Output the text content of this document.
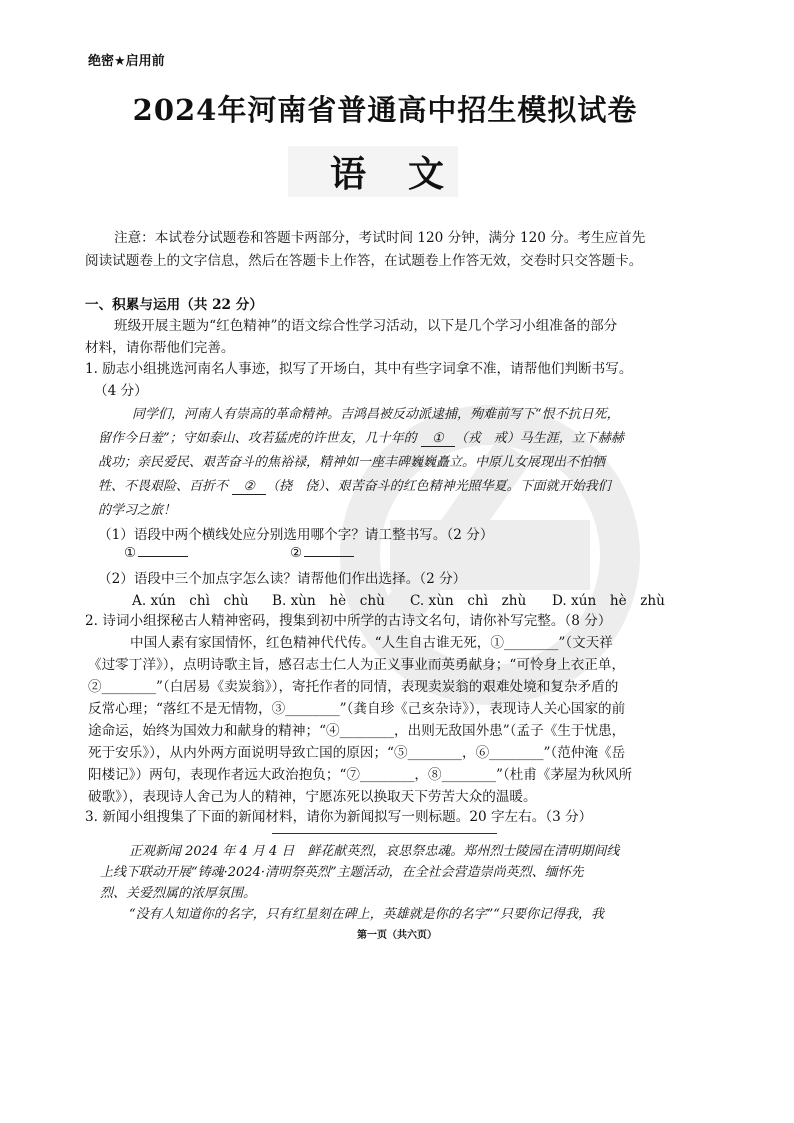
绝密★启用前
2024年河南省普通高中招生模拟试卷
语文
注意：本试卷分试题卷和答题卡两部分，考试时间 120 分钟，满分 120 分。考生应首先
阅读试题卷上的文字信息，然后在答题卡上作答，在试题卷上作答无效，交卷时只交答题卡。
一、积累与运用（共 22 分）
班级开展主题为“红色精神”的语文综合性学习活动，以下是几个学习小组准备的部分
材料，请你帮他们完善。
1. 励志小组挑选河南名人事迹，拟写了开场白，其中有些字词拿不准，请帮他们判断书写。
（4 分）
同学们，河南人有崇高的革命精神。吉鸿昌被反动派逮捕，殉难前写下“恨不抗日死，
留作今日羞”；守如泰山、攻若猛虎的许世友，几十年的 ① （戎　戒）马生涯，立下赫赫
战功；亲民爱民、艰苦奋斗的焦裕禄，精神如一座丰碑巍巍矗立。中原儿女展现出不怕牺
牲、不畏艰险、百折不 ② （挠　侥）、艰苦奋斗的红色精神光照华夏。下面就开始我们
的学习之旅！
（1）语段中两个横线处应分别选用哪个字？请工整书写。（2 分）
①	②
（2）语段中三个加点字怎么读？请帮他们作出选择。（2 分）
A. xún　chì　chù B. xùn　hè　chù C. xùn　chì　zhù D. xún　hè　zhù
2. 诗词小组探秘古人精神密码，搜集到初中所学的古诗文名句，请你补写完整。（8 分）
中国人素有家国情怀，红色精神代代传。“人生自古谁无死，①________”（文天祥
《过零丁洋》），点明诗歌主旨，感召志士仁人为正义事业而英勇献身；“可怜身上衣正单，
②________”（白居易《卖炭翁》），寄托作者的同情，表现卖炭翁的艰难处境和复杂矛盾的
反常心理；“落红不是无情物，③________”（龚自珍《己亥杂诗》），表现诗人关心国家的前
途命运，始终为国效力和献身的精神；“④________，出则无敌国外患”（孟子《生于忧患，
死于安乐》），从内外两方面说明导致亡国的原因；“⑤________，⑥________”（范仲淹《岳
阳楼记》）两句，表现作者远大政治抱负；“⑦________，⑧________”（杜甫《茅屋为秋风所
破歌》），表现诗人舍己为人的精神，宁愿冻死以换取天下劳苦大众的温暖。
3. 新闻小组搜集了下面的新闻材料，请你为新闻拟写一则标题。20 字左右。（3 分）
正观新闻 2024 年 4 月 4 日　鲜花献英烈，哀思祭忠魂。郑州烈士陵园在清明期间线
上线下联动开展“铸魂·2024·清明祭英烈”主题活动，在全社会营造崇尚英烈、缅怀先
烈、关爱烈属的浓厚氛围。
“没有人知道你的名字，只有红星刻在碑上，英雄就是你的名字”“只要你记得我，我
第一页（共六页）
